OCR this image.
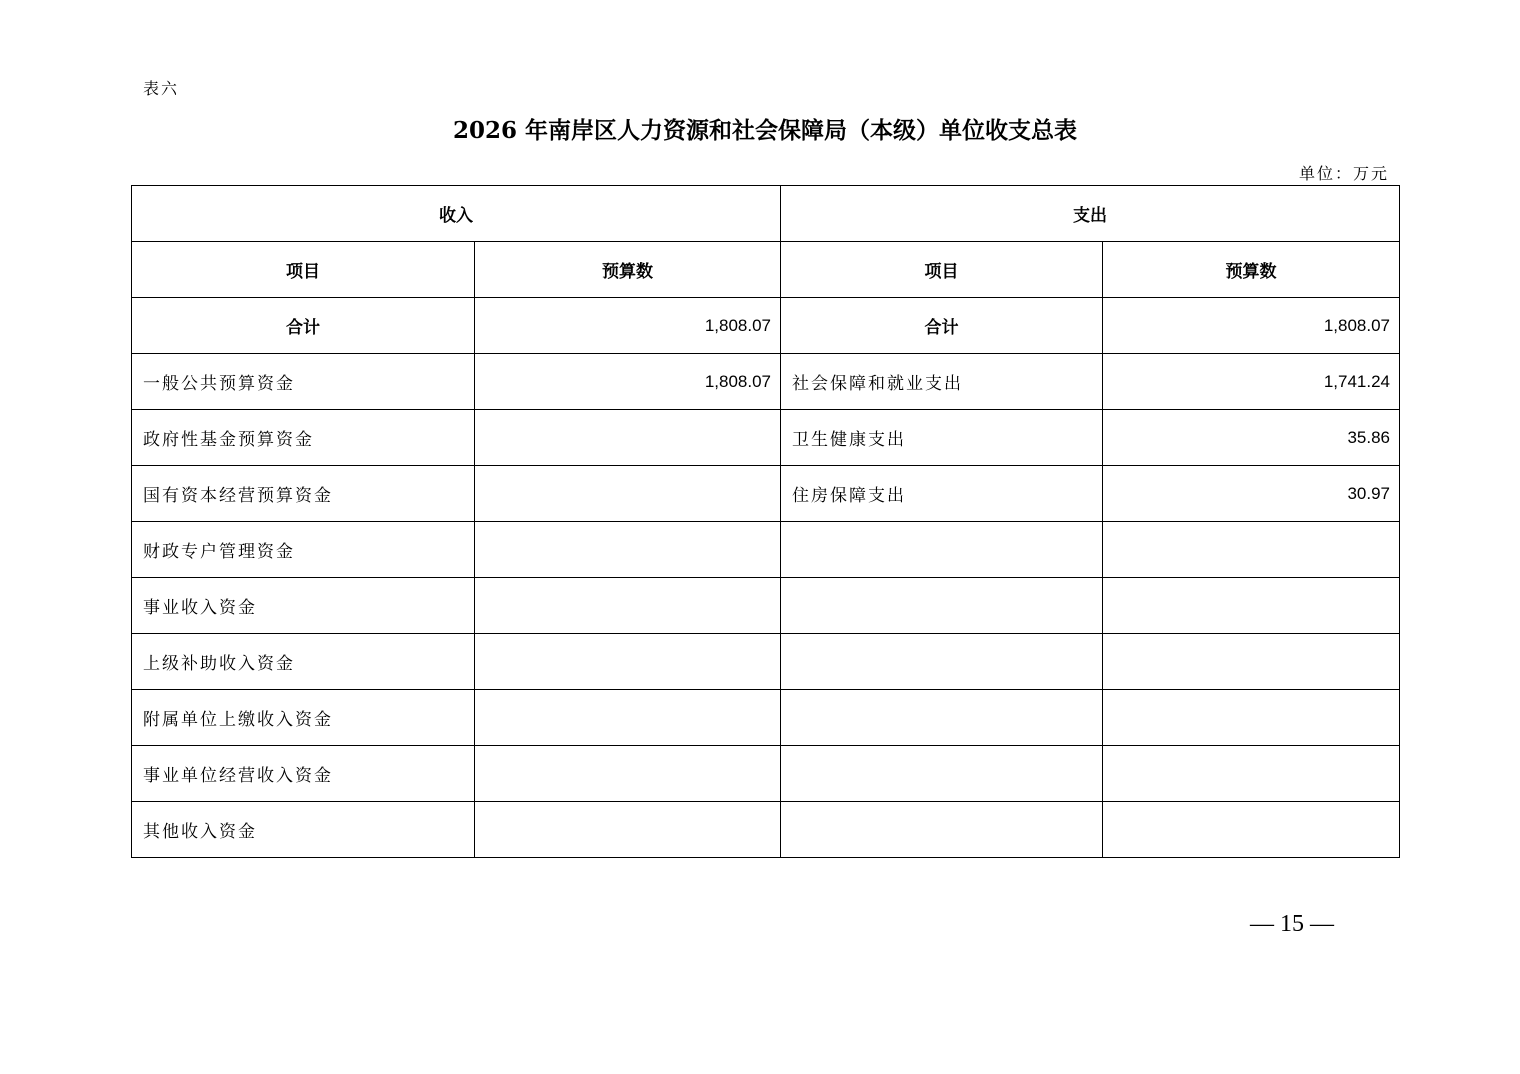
表六
2026 年南岸区人力资源和社会保障局（本级）单位收支总表
单位：万元
收入		支出	
项目	预算数	项目	预算数
合计	1,808.07	合计	1,808.07
一般公共预算资金	1,808.07	社会保障和就业支出	1,741.24
政府性基金预算资金		卫生健康支出	35.86
国有资本经营预算资金		住房保障支出	30.97
财政专户管理资金			
事业收入资金			
上级补助收入资金			
附属单位上缴收入资金			
事业单位经营收入资金			
其他收入资金			
— 15 —
